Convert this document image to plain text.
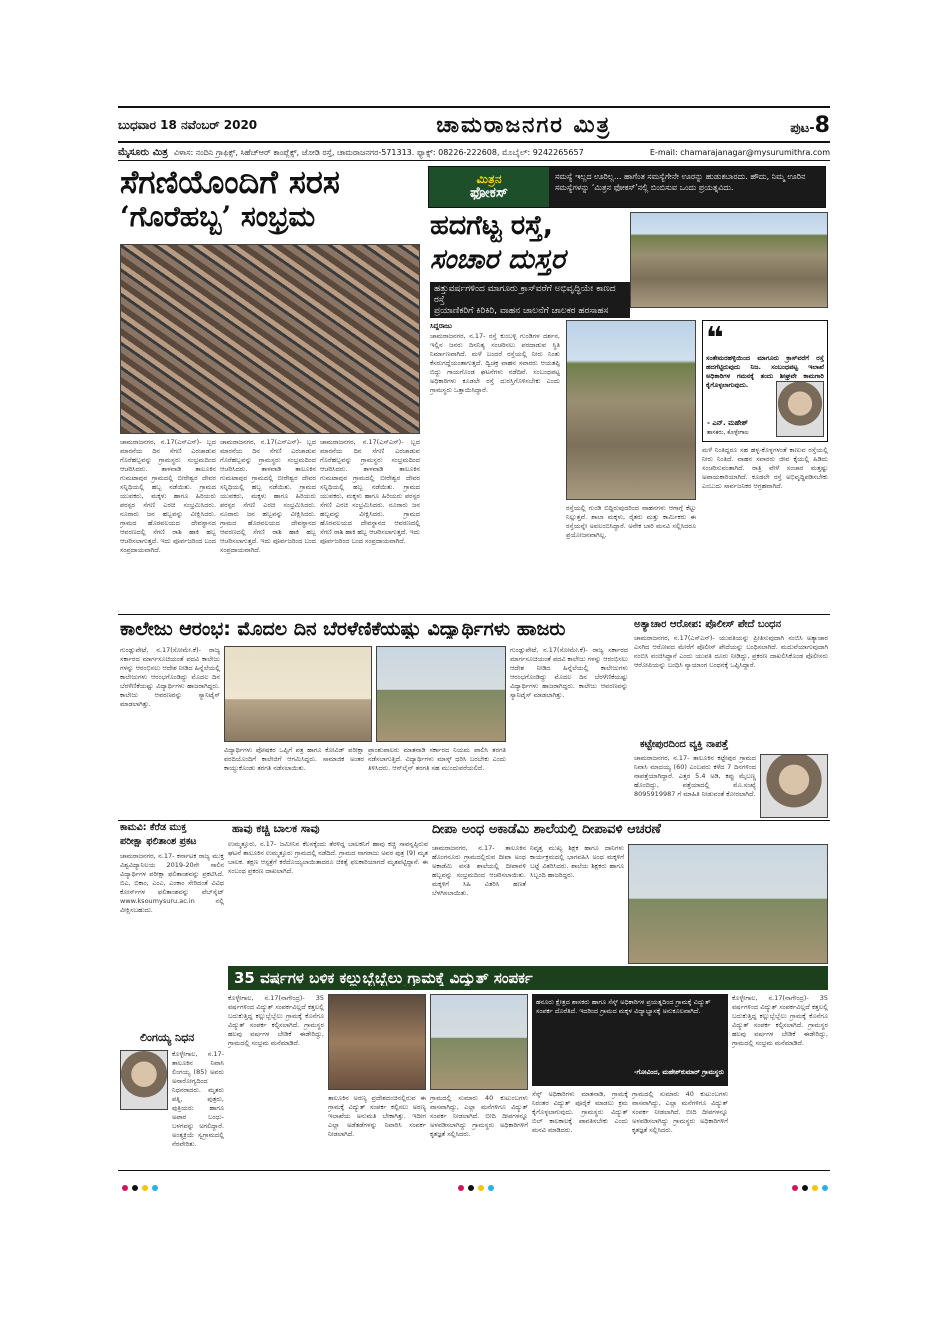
ಬುಧವಾರ 18 ನವೆಂಬರ್ 2020	ಚಾಮರಾಜನಗರ ಮಿತ್ರ	ಪುಟ-8
ಮೈಸೂರು ಮಿತ್ರ ವಿಳಾಸ: ನಂದಿನಿ ಗ್ರಾಫಿಕ್ಸ್, ಸಿಹೆಚ್‌ಆರ್ ಕಾಂಪ್ಲೆಕ್ಸ್, ಜೋಡಿ ರಸ್ತೆ, ಚಾಮರಾಜನಗರ-571313. ಫ್ಯಾಕ್ಸ್: 08226-222608, ಮೊಬೈಲ್: 9242265657	E-mail: chamarajanagar@mysurumithra.com
ಸೆಗಣಿಯೊಂದಿಗೆ ಸರಸ
‘ಗೊರೆಹಬ್ಬ’ ಸಂಭ್ರಮ
ಚಾಮರಾಜನಗರ, ನ.17(ಎಸ್‌ಎಸ್)- ಬ್ಬದ ಮಾರನೆಯ ದಿನ ಸೆಗಣಿ ಎರಚಾಡುವ ಗೊರೆಹಬ್ಬವನ್ನು ಗ್ರಾಮಸ್ಥರು ಸಂಭ್ರಮದಿಂದ ಆಚರಿಸಿದರು. ತಾಳವಾಡಿ ತಾಲೂಕಿನ ಗುಮಟಾಪುರ ಗ್ರಾಮದಲ್ಲಿ ಬೀರೇಶ್ವರ ದೇವರ ಸನ್ನಿಧಿಯಲ್ಲಿ ಹಬ್ಬ ನಡೆಯಿತು. ಗ್ರಾಮದ ಯುವಕರು, ಮಕ್ಕಳು ಹಾಗೂ ಹಿರಿಯರು ಪರಸ್ಪರ ಸೆಗಣಿ ಎರಚಿ ಸಂಭ್ರಮಿಸಿದರು. ನೂರಾರು ಜನ ಹಬ್ಬವನ್ನು ವೀಕ್ಷಿಸಿದರು. ಗ್ರಾಮದ ಹೊರವಲಯದ ದೇವಸ್ಥಾನದ ಆವರಣದಲ್ಲಿ ಸೆಗಣಿ ರಾಶಿ ಹಾಕಿ ಹಬ್ಬ ಆಚರಿಸಲಾಗುತ್ತದೆ. ಇದು ಪೂರ್ವಜರಿಂದ ಬಂದ ಸಂಪ್ರದಾಯವಾಗಿದೆ.
ಚಾಮರಾಜನಗರ, ನ.17(ಎಸ್‌ಎಸ್)- ಬ್ಬದ ಮಾರನೆಯ ದಿನ ಸೆಗಣಿ ಎರಚಾಡುವ ಗೊರೆಹಬ್ಬವನ್ನು ಗ್ರಾಮಸ್ಥರು ಸಂಭ್ರಮದಿಂದ ಆಚರಿಸಿದರು. ತಾಳವಾಡಿ ತಾಲೂಕಿನ ಗುಮಟಾಪುರ ಗ್ರಾಮದಲ್ಲಿ ಬೀರೇಶ್ವರ ದೇವರ ಸನ್ನಿಧಿಯಲ್ಲಿ ಹಬ್ಬ ನಡೆಯಿತು. ಗ್ರಾಮದ ಯುವಕರು, ಮಕ್ಕಳು ಹಾಗೂ ಹಿರಿಯರು ಪರಸ್ಪರ ಸೆಗಣಿ ಎರಚಿ ಸಂಭ್ರಮಿಸಿದರು. ನೂರಾರು ಜನ ಹಬ್ಬವನ್ನು ವೀಕ್ಷಿಸಿದರು. ಗ್ರಾಮದ ಹೊರವಲಯದ ದೇವಸ್ಥಾನದ ಆವರಣದಲ್ಲಿ ಸೆಗಣಿ ರಾಶಿ ಹಾಕಿ ಹಬ್ಬ ಆಚರಿಸಲಾಗುತ್ತದೆ. ಇದು ಪೂರ್ವಜರಿಂದ ಬಂದ ಸಂಪ್ರದಾಯವಾಗಿದೆ.
ಚಾಮರಾಜನಗರ, ನ.17(ಎಸ್‌ಎಸ್)- ಬ್ಬದ ಮಾರನೆಯ ದಿನ ಸೆಗಣಿ ಎರಚಾಡುವ ಗೊರೆಹಬ್ಬವನ್ನು ಗ್ರಾಮಸ್ಥರು ಸಂಭ್ರಮದಿಂದ ಆಚರಿಸಿದರು. ತಾಳವಾಡಿ ತಾಲೂಕಿನ ಗುಮಟಾಪುರ ಗ್ರಾಮದಲ್ಲಿ ಬೀರೇಶ್ವರ ದೇವರ ಸನ್ನಿಧಿಯಲ್ಲಿ ಹಬ್ಬ ನಡೆಯಿತು. ಗ್ರಾಮದ ಯುವಕರು, ಮಕ್ಕಳು ಹಾಗೂ ಹಿರಿಯರು ಪರಸ್ಪರ ಸೆಗಣಿ ಎರಚಿ ಸಂಭ್ರಮಿಸಿದರು. ನೂರಾರು ಜನ ಹಬ್ಬವನ್ನು ವೀಕ್ಷಿಸಿದರು. ಗ್ರಾಮದ ಹೊರವಲಯದ ದೇವಸ್ಥಾನದ ಆವರಣದಲ್ಲಿ ಸೆಗಣಿ ರಾಶಿ ಹಾಕಿ ಹಬ್ಬ ಆಚರಿಸಲಾಗುತ್ತದೆ. ಇದು ಪೂರ್ವಜರಿಂದ ಬಂದ ಸಂಪ್ರದಾಯವಾಗಿದೆ.
ಮಿತ್ರನ
ಫೋಕಸ್
ಸಮಸ್ಯೆ ಇಲ್ಲದ ಊರಿಲ್ಲ... ಹಾಗೆಂತ ಸಮಸ್ಯೆಗೇನೇ ಊರನ್ನು ಹುಡುಕಬಾರದು. ಹೌದು, ನಿಮ್ಮ ಊರಿನ ಸಮಸ್ಯೆಗಳನ್ನು ‘ಮಿತ್ರನ ಫೋಕಸ್’ನಲ್ಲಿ ಬಿಂಬಿಸುವ ಒಂದು ಪ್ರಯತ್ನವಿದು.
ಹದಗೆಟ್ಟ ರಸ್ತೆ,
ಸಂಚಾರ ದುಸ್ತರ
ಹತ್ತುವರ್ಷಗಳಿಂದ ಮಾಗೂರು ಕ್ರಾಸ್‌ವರೆಗೆ ಅಭಿವೃದ್ಧಿಯೇ ಕಾಣದ ರಸ್ತೆ
ಪ್ರಯಾಣಿಕರಿಗೆ ಕಿರಿಕಿರಿ, ವಾಹನ ಚಾಲನೆಗೆ ಚಾಲಕರ ಹರಸಾಹಸ
ಸಿದ್ದರಾಜು
ಚಾಮರಾಜನಗರ, ನ.17- ರಸ್ತೆ ಕುಂಬಳ್ಳಿ ಗುಂಡಿಗಳ ದರ್ಶನ, ಇಲ್ಲಿನ ಜನರು ದಿನನಿತ್ಯ ಸಂಚರಿಸಲು ಪರದಾಡುವ ಸ್ಥಿತಿ ನಿರ್ಮಾಣವಾಗಿದೆ. ಮಳೆ ಬಂದರೆ ರಸ್ತೆಯಲ್ಲಿ ನೀರು ನಿಂತು ಕೆಸರುಗದ್ದೆಯಂತಾಗುತ್ತದೆ. ದ್ವಿಚಕ್ರ ವಾಹನ ಸವಾರರು ಆಯತಪ್ಪಿ ಬಿದ್ದು ಗಾಯಗೊಂಡ ಘಟನೆಗಳು ನಡೆದಿವೆ. ಸಂಬಂಧಪಟ್ಟ ಅಧಿಕಾರಿಗಳು ಕೂಡಲೇ ರಸ್ತೆ ದುರಸ್ತಿಗೊಳಿಸಬೇಕು ಎಂದು ಗ್ರಾಮಸ್ಥರು ಒತ್ತಾಯಿಸಿದ್ದಾರೆ.
ರಸ್ತೆಯಲ್ಲಿ ಗುಂಡಿ ಬಿದ್ದಿರುವುದರಿಂದ ವಾಹನಗಳು ಆಗಾಗ್ಗೆ ಕೆಟ್ಟು ನಿಲ್ಲುತ್ತವೆ. ಶಾಲಾ ಮಕ್ಕಳು, ರೈತರು ಮತ್ತು ಕಾರ್ಮಿಕರು ಈ ರಸ್ತೆಯನ್ನೇ ಅವಲಂಬಿಸಿದ್ದಾರೆ. ಅನೇಕ ಬಾರಿ ಮನವಿ ಸಲ್ಲಿಸಿದರೂ ಪ್ರಯೋಜನವಾಗಿಲ್ಲ.
❝
ಸಂತೇಮರಹಳ್ಳಿಯಿಂದ ಮಾಗೂರು ಕ್ರಾಸ್‌ವರೆಗೆ ರಸ್ತೆ ಹದಗೆಟ್ಟಿರುವುದು ನಿಜ. ಸಂಬಂಧಪಟ್ಟ ಇಲಾಖೆ ಅಧಿಕಾರಿಗಳ ಗಮನಕ್ಕೆ ತಂದು ಶೀಘ್ರವೇ ಕಾಮಗಾರಿ ಕೈಗೊಳ್ಳಲಾಗುವುದು.
- ಎನ್. ಮಹೇಶ್
ಶಾಸಕರು, ಕೊಳ್ಳೇಗಾಲ
ಮಳೆ ನಿಂತಿದ್ದರೂ ಸಹ ಹಳ್ಳ-ಕೊಳ್ಳಗಳಂತೆ ಕಾಣುವ ರಸ್ತೆಯಲ್ಲಿ ನೀರು ನಿಂತಿದೆ. ವಾಹನ ಸವಾರರು ಜೀವ ಕೈಯಲ್ಲಿ ಹಿಡಿದು ಸಂಚರಿಸುವಂತಾಗಿದೆ. ರಾತ್ರಿ ವೇಳೆ ಸಂಚಾರ ಮತ್ತಷ್ಟು ಅಪಾಯಕಾರಿಯಾಗಿದೆ. ಕೂಡಲೇ ರಸ್ತೆ ಅಭಿವೃದ್ಧಿಪಡಿಸಬೇಕು ಎಂಬುದು ಸಾರ್ವಜನಿಕರ ಆಗ್ರಹವಾಗಿದೆ.
ಕಾಲೇಜು ಆರಂಭ: ಮೊದಲ ದಿನ ಬೆರಳೆಣಿಕೆಯಷ್ಟು ವಿದ್ಯಾರ್ಥಿಗಳು ಹಾಜರು
ಗುಂಡ್ಲುಪೇಟೆ, ನ.17(ಸೋಮೇ.ಕೆ)- ರಾಜ್ಯ ಸರ್ಕಾರದ ಮಾರ್ಗಸೂಚಿಯಂತೆ ಪದವಿ ಕಾಲೇಜು ಗಳನ್ನು ಆರಂಭಿಸಲು ಆದೇಶ ನೀಡಿದ ಹಿನ್ನೆಲೆಯಲ್ಲಿ ಕಾಲೇಜುಗಳು ಆರಂಭಗೊಂಡಿದ್ದು ಮೊದಲ ದಿನ ಬೆರಳೆಣಿಕೆಯಷ್ಟು ವಿದ್ಯಾರ್ಥಿಗಳು ಹಾಜರಾಗಿದ್ದರು. ಕಾಲೇಜು ಆವರಣವನ್ನು ಸ್ಯಾನಿಟೈಸ್ ಮಾಡಲಾಗಿತ್ತು.
ವಿದ್ಯಾರ್ಥಿಗಳು ಪೋಷಕರ ಒಪ್ಪಿಗೆ ಪತ್ರ ಹಾಗೂ ಕೋವಿಡ್ ಪರೀಕ್ಷಾ ವರದಿಯೊಂದಿಗೆ ಕಾಲೇಜಿಗೆ ಆಗಮಿಸಿದ್ದರು. ಸಾಮಾಜಿಕ ಅಂತರ ಕಾಯ್ದುಕೊಂಡು ತರಗತಿ ನಡೆಸಲಾಯಿತು.
ಪ್ರಾಂಶುಪಾಲರು ಮಾತನಾಡಿ ಸರ್ಕಾರದ ನಿಯಮ ಪಾಲಿಸಿ ತರಗತಿ ನಡೆಸಲಾಗುತ್ತಿದೆ. ವಿದ್ಯಾರ್ಥಿಗಳು ಮಾಸ್ಕ್ ಧರಿಸಿ ಬರಬೇಕು ಎಂದು ತಿಳಿಸಿದರು. ಆನ್‌ಲೈನ್ ತರಗತಿ ಸಹ ಮುಂದುವರೆಯಲಿದೆ.
ಗುಂಡ್ಲುಪೇಟೆ, ನ.17(ಸೋಮೇ.ಕೆ)- ರಾಜ್ಯ ಸರ್ಕಾರದ ಮಾರ್ಗಸೂಚಿಯಂತೆ ಪದವಿ ಕಾಲೇಜು ಗಳನ್ನು ಆರಂಭಿಸಲು ಆದೇಶ ನೀಡಿದ ಹಿನ್ನೆಲೆಯಲ್ಲಿ ಕಾಲೇಜುಗಳು ಆರಂಭಗೊಂಡಿದ್ದು ಮೊದಲ ದಿನ ಬೆರಳೆಣಿಕೆಯಷ್ಟು ವಿದ್ಯಾರ್ಥಿಗಳು ಹಾಜರಾಗಿದ್ದರು. ಕಾಲೇಜು ಆವರಣವನ್ನು ಸ್ಯಾನಿಟೈಸ್ ಮಾಡಲಾಗಿತ್ತು.
ಅತ್ಯಾಚಾರ ಆರೋಪ: ಪೊಲೀಸ್ ಪೇದೆ ಬಂಧನ
ಚಾಮರಾಜನಗರ, ನ.17(ಎಸ್‌ಎಸ್)- ಯುವತಿಯನ್ನು ಪ್ರೀತಿಸುವುದಾಗಿ ನಂಬಿಸಿ ಅತ್ಯಾಚಾರ ಎಸಗಿದ ಆರೋಪದ ಮೇರೆಗೆ ಪೊಲೀಸ್ ಪೇದೆಯನ್ನು ಬಂಧಿಸಲಾಗಿದೆ. ಮದುವೆಯಾಗುವುದಾಗಿ ನಂಬಿಸಿ ವಂಚಿಸಿದ್ದಾನೆ ಎಂದು ಯುವತಿ ದೂರು ನೀಡಿದ್ದು, ಪ್ರಕರಣ ದಾಖಲಿಸಿಕೊಂಡ ಪೊಲೀಸರು ಆರೋಪಿಯನ್ನು ಬಂಧಿಸಿ ನ್ಯಾಯಾಂಗ ಬಂಧನಕ್ಕೆ ಒಪ್ಪಿಸಿದ್ದಾರೆ.
ಕಟ್ಟೇಪುರದಿಂದ ವ್ಯಕ್ತಿ ನಾಪತ್ತೆ
ಚಾಮರಾಜನಗರ, ನ.17- ತಾಲೂಕಿನ ಕಟ್ಟೇಪುರ ಗ್ರಾಮದ ನಿವಾಸಿ ಮಾದಯ್ಯ (60) ಎಂಬವರು ಕಳೆದ 7 ದಿನಗಳಿಂದ ನಾಪತ್ತೆಯಾಗಿದ್ದಾರೆ. ಎತ್ತರ 5.4 ಅಡಿ, ಕಪ್ಪು ಮೈಬಣ್ಣ ಹೊಂದಿದ್ದು, ಪತ್ತೆಯಾದಲ್ಲಿ ಮೊ.ಸಂಖ್ಯೆ 8095919987 ಗೆ ಮಾಹಿತಿ ನೀಡುವಂತೆ ಕೋರಲಾಗಿದೆ.
ಕಾಮವಿ: ಕೆರೆಡ ಮುಕ್ತ
ಪರೀಕ್ಷಾ ಫಲಿತಾಂಶ ಪ್ರಕಟ
ಚಾಮರಾಜನಗರ, ನ.17- ಕರ್ನಾಟಕ ರಾಜ್ಯ ಮುಕ್ತ ವಿಶ್ವವಿದ್ಯಾನಿಲಯ 2019-20ನೇ ಸಾಲಿನ ವಿದ್ಯಾರ್ಥಿಗಳ ಪರೀಕ್ಷಾ ಫಲಿತಾಂಶವನ್ನು ಪ್ರಕಟಿಸಿದೆ. ಬಿಎ, ಬಿಕಾಂ, ಎಂಎ, ಎಂಕಾಂ ಸೇರಿದಂತೆ ವಿವಿಧ ಕೋರ್ಸ್‌ಗಳ ಫಲಿತಾಂಶವನ್ನು ವೆಬ್‌ಸೈಟ್ www.ksoumysuru.ac.in ನಲ್ಲಿ ವೀಕ್ಷಿಸಬಹುದು.
ಲಿಂಗಯ್ಯ ನಿಧನ
ಕೊಳ್ಳೇಗಾಲ, ನ.17- ತಾಲೂಕಿನ ನಿವಾಸಿ ಲಿಂಗಯ್ಯ (85) ಅವರು ಅನಾರೋಗ್ಯದಿಂದ ನಿಧನರಾದರು. ಮೃತರು ಪತ್ನಿ, ಪುತ್ರರು, ಪುತ್ರಿಯರು ಹಾಗೂ ಅಪಾರ ಬಂಧು-ಬಳಗವನ್ನು ಅಗಲಿದ್ದಾರೆ. ಅಂತ್ಯಕ್ರಿಯೆ ಸ್ವಗ್ರಾಮದಲ್ಲಿ ನೆರವೇರಿತು.
ಹಾವು ಕಚ್ಚಿ ಬಾಲಕ ಸಾವು
ಉಮ್ಮತ್ತೂರು, ನ.17- ಜಮೀನಿನ ಕೆಲಸಕ್ಕೆಂದು ತೆರಳಿದ್ದ ಬಾಲಕನಿಗೆ ಹಾವು ಕಚ್ಚಿ ಸಾವನ್ನಪ್ಪಿರುವ ಘಟನೆ ತಾಲೂಕಿನ ಉಮ್ಮತ್ತೂರು ಗ್ರಾಮದಲ್ಲಿ ನಡೆದಿದೆ. ಗ್ರಾಮದ ನಾಗರಾಜು ಅವರ ಪುತ್ರ (9) ಮೃತ ಬಾಲಕ. ತಕ್ಷಣ ಆಸ್ಪತ್ರೆಗೆ ಕರೆದೊಯ್ಯಲಾಯಿತಾದರೂ ಚಿಕಿತ್ಸೆ ಫಲಕಾರಿಯಾಗದೆ ಮೃತಪಟ್ಟಿದ್ದಾನೆ. ಈ ಸಂಬಂಧ ಪ್ರಕರಣ ದಾಖಲಾಗಿದೆ.
ದೀಪಾ ಅಂಧ ಅಕಾಡೆಮಿ ಶಾಲೆಯಲ್ಲಿ ದೀಪಾವಳಿ ಆಚರಣೆ
ಚಾಮರಾಜನಗರ, ನ.17- ತಾಲೂಕಿನ ಹೊಂಗನೂರು ಗ್ರಾಮದಲ್ಲಿರುವ ದೀಪಾ ಅಂಧ ಅಕಾಡೆಮಿ ವಸತಿ ಶಾಲೆಯಲ್ಲಿ ದೀಪಾವಳಿ ಹಬ್ಬವನ್ನು ಸಂಭ್ರಮದಿಂದ ಆಚರಿಸಲಾಯಿತು. ಮಕ್ಕಳಿಗೆ ಸಿಹಿ ವಿತರಿಸಿ ಹಣತೆ ಬೆಳಗಿಸಲಾಯಿತು.
ನಿವೃತ್ತ ಮುಖ್ಯ ಶಿಕ್ಷಕ ಹಾಗೂ ದಾನಿಗಳು ಕಾರ್ಯಕ್ರಮದಲ್ಲಿ ಭಾಗವಹಿಸಿ ಅಂಧ ಮಕ್ಕಳಿಗೆ ಬಟ್ಟೆ ವಿತರಿಸಿದರು. ಶಾಲೆಯ ಶಿಕ್ಷಕರು ಹಾಗೂ ಸಿಬ್ಬಂದಿ ಹಾಜರಿದ್ದರು.
35 ವರ್ಷಗಳ ಬಳಿಕ ಕಲ್ಲುಬ್ಬೆಬ್ಬೆಲು ಗ್ರಾಮಕ್ಕೆ ವಿದ್ಯುತ್ ಸಂಪರ್ಕ
ಕೊಳ್ಳೇಗಾಲ, ನ.17(ನಾಗೇಂದ್ರ)- 35 ವರ್ಷಗಳಿಂದ ವಿದ್ಯುತ್ ಸಂಪರ್ಕವಿಲ್ಲದೆ ಕತ್ತಲಲ್ಲಿ ಬದುಕುತ್ತಿದ್ದ ಕಲ್ಲುಬ್ಬೆಬ್ಬೆಲು ಗ್ರಾಮಕ್ಕೆ ಕೊನೆಗೂ ವಿದ್ಯುತ್ ಸಂಪರ್ಕ ಕಲ್ಪಿಸಲಾಗಿದೆ. ಗ್ರಾಮಸ್ಥರ ಹಲವು ವರ್ಷಗಳ ಬೇಡಿಕೆ ಈಡೇರಿದ್ದು, ಗ್ರಾಮದಲ್ಲಿ ಸಂಭ್ರಮ ಮನೆಮಾಡಿದೆ.
ತಾಲೂಕಿನ ಅರಣ್ಯ ಪ್ರದೇಶದಂಚಿನಲ್ಲಿರುವ ಈ ಗ್ರಾಮಕ್ಕೆ ವಿದ್ಯುತ್ ಸಂಪರ್ಕ ಕಲ್ಪಿಸಲು ಅರಣ್ಯ ಇಲಾಖೆಯ ಅನುಮತಿ ಬೇಕಾಗಿತ್ತು. ಇದೀಗ ಎಲ್ಲಾ ಅಡೆತಡೆಗಳನ್ನು ನಿವಾರಿಸಿ ಸಂಪರ್ಕ ನೀಡಲಾಗಿದೆ.
ಗ್ರಾಮದಲ್ಲಿ ಸುಮಾರು 40 ಕುಟುಂಬಗಳು ವಾಸವಾಗಿದ್ದು, ಎಲ್ಲಾ ಮನೆಗಳಿಗೂ ವಿದ್ಯುತ್ ಸಂಪರ್ಕ ನೀಡಲಾಗಿದೆ. ಬೀದಿ ದೀಪಗಳನ್ನೂ ಅಳವಡಿಸಲಾಗಿದ್ದು ಗ್ರಾಮಸ್ಥರು ಅಧಿಕಾರಿಗಳಿಗೆ ಕೃತಜ್ಞತೆ ಸಲ್ಲಿಸಿದರು.
ಹನೂರು ಕ್ಷೇತ್ರದ ಶಾಸಕರು ಹಾಗೂ ಸೆಸ್ಕ್ ಅಧಿಕಾರಿಗಳ ಪ್ರಯತ್ನದಿಂದ ಗ್ರಾಮಕ್ಕೆ ವಿದ್ಯುತ್ ಸಂಪರ್ಕ ದೊರೆತಿದೆ. ಇದರಿಂದ ಗ್ರಾಮದ ಮಕ್ಕಳ ವಿದ್ಯಾಭ್ಯಾಸಕ್ಕೆ ಅನುಕೂಲವಾಗಿದೆ.
-ಗೋವಿಂದ, ಮಹೇಶ್‌ಕುಮಾರ್ ಗ್ರಾಮಸ್ಥರು
ಸೆಸ್ಕ್ ಅಧಿಕಾರಿಗಳು ಮಾತನಾಡಿ, ಗ್ರಾಮಕ್ಕೆ ನಿರಂತರ ವಿದ್ಯುತ್ ಪೂರೈಕೆ ಮಾಡಲು ಕ್ರಮ ಕೈಗೊಳ್ಳಲಾಗುವುದು. ಗ್ರಾಮಸ್ಥರು ವಿದ್ಯುತ್ ಬಿಲ್ ಕಾಲಕಾಲಕ್ಕೆ ಪಾವತಿಸಬೇಕು ಎಂದು ಮನವಿ ಮಾಡಿದರು.
ಗ್ರಾಮದಲ್ಲಿ ಸುಮಾರು 40 ಕುಟುಂಬಗಳು ವಾಸವಾಗಿದ್ದು, ಎಲ್ಲಾ ಮನೆಗಳಿಗೂ ವಿದ್ಯುತ್ ಸಂಪರ್ಕ ನೀಡಲಾಗಿದೆ. ಬೀದಿ ದೀಪಗಳನ್ನೂ ಅಳವಡಿಸಲಾಗಿದ್ದು ಗ್ರಾಮಸ್ಥರು ಅಧಿಕಾರಿಗಳಿಗೆ ಕೃತಜ್ಞತೆ ಸಲ್ಲಿಸಿದರು.
ಕೊಳ್ಳೇಗಾಲ, ನ.17(ನಾಗೇಂದ್ರ)- 35 ವರ್ಷಗಳಿಂದ ವಿದ್ಯುತ್ ಸಂಪರ್ಕವಿಲ್ಲದೆ ಕತ್ತಲಲ್ಲಿ ಬದುಕುತ್ತಿದ್ದ ಕಲ್ಲುಬ್ಬೆಬ್ಬೆಲು ಗ್ರಾಮಕ್ಕೆ ಕೊನೆಗೂ ವಿದ್ಯುತ್ ಸಂಪರ್ಕ ಕಲ್ಪಿಸಲಾಗಿದೆ. ಗ್ರಾಮಸ್ಥರ ಹಲವು ವರ್ಷಗಳ ಬೇಡಿಕೆ ಈಡೇರಿದ್ದು, ಗ್ರಾಮದಲ್ಲಿ ಸಂಭ್ರಮ ಮನೆಮಾಡಿದೆ.
